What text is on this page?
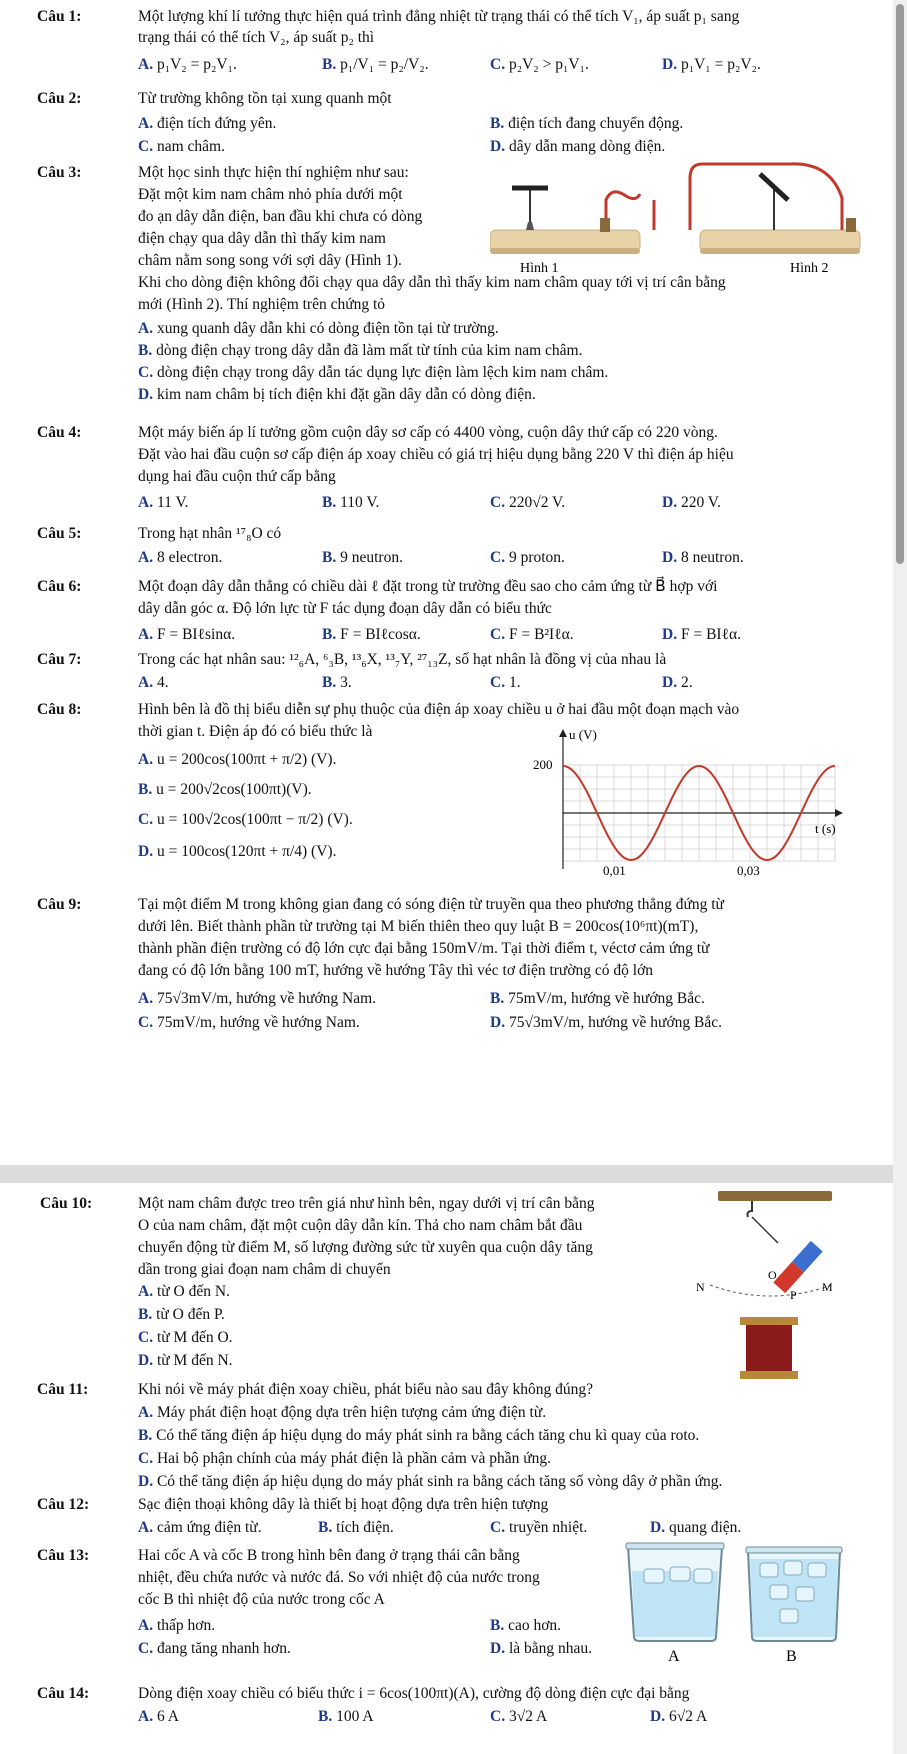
Câu 1:	Một lượng khí lí tưởng thực hiện quá trình đẳng nhiệt từ trạng thái có thể tích V₁, áp suất p₁ sang
trạng thái có thể tích V₂, áp suất p₂ thì
A. p₁V₂ = p₂V₁.	B. p₁/V₁ = p₂/V₂.	C. p₂V₂ > p₁V₁.	D. p₁V₁ = p₂V₂.
Câu 2:	Từ trường không tồn tại xung quanh một
A. điện tích đứng yên.	B. điện tích đang chuyển động.
C. nam châm.	D. dây dẫn mang dòng điện.
Câu 3:	Một học sinh thực hiện thí nghiệm như sau:
Đặt một kim nam châm nhỏ phía dưới một
đo ạn dây dẫn điện, ban đầu khi chưa có dòng
điện chạy qua dây dẫn thì thấy kim nam
châm nằm song song với sợi dây (Hình 1).
Khi cho dòng điện không đổi chạy qua dây dẫn thì thấy kim nam châm quay tới vị trí cân bằng
mới (Hình 2). Thí nghiệm trên chứng tỏ
Hình 1	Hình 2
A. xung quanh dây dẫn khi có dòng điện tồn tại từ trường.
B. dòng điện chạy trong dây dẫn đã làm mất từ tính của kim nam châm.
C. dòng điện chạy trong dây dẫn tác dụng lực điện làm lệch kim nam châm.
D. kim nam châm bị tích điện khi đặt gần dây dẫn có dòng điện.
Câu 4:	Một máy biến áp lí tưởng gồm cuộn dây sơ cấp có 4400 vòng, cuộn dây thứ cấp có 220 vòng.
Đặt vào hai đầu cuộn sơ cấp điện áp xoay chiều có giá trị hiệu dụng bằng 220 V thì điện áp hiệu
dụng hai đầu cuộn thứ cấp bằng
A. 11 V.	B. 110 V.	C. 220√2 V.	D. 220 V.
Câu 5:	Trong hạt nhân ¹⁷₈O có
A. 8 electron.	B. 9 neutron.	C. 9 proton.	D. 8 neutron.
Câu 6:	Một đoạn dây dẫn thẳng có chiều dài ℓ đặt trong từ trường đều sao cho cảm ứng từ B⃗ hợp với
dây dẫn góc α. Độ lớn lực từ F tác dụng đoạn dây dẫn có biểu thức
A. F = BIℓsinα.	B. F = BIℓcosα.	C. F = B²Iℓα.	D. F = BIℓα.
Câu 7:	Trong các hạt nhân sau: ¹²₆A, ⁶₃B, ¹³₆X, ¹³₇Y, ²⁷₁₃Z, số hạt nhân là đồng vị của nhau là
A. 4.	B. 3.	C. 1.	D. 2.
Câu 8:	Hình bên là đồ thị biểu diễn sự phụ thuộc của điện áp xoay chiều u ở hai đầu một đoạn mạch vào
thời gian t. Điện áp đó có biểu thức là
A. u = 200cos(100πt + π/2) (V).
B. u = 200√2cos(100πt)(V).
C. u = 100√2cos(100πt − π/2) (V).
D. u = 100cos(120πt + π/4) (V).
u (V)
t (s)
200
0,01	0,03
Câu 9:	Tại một điểm M trong không gian đang có sóng điện từ truyền qua theo phương thẳng đứng từ
dưới lên. Biết thành phần từ trường tại M biến thiên theo quy luật B = 200cos(10⁶πt)(mT),
thành phần điện trường có độ lớn cực đại bằng 150mV/m. Tại thời điểm t, véctơ cảm ứng từ
đang có độ lớn bằng 100 mT, hướng về hướng Tây thì véc tơ điện trường có độ lớn
A. 75√3mV/m, hướng về hướng Nam.	B. 75mV/m, hướng về hướng Bắc.
C. 75mV/m, hướng về hướng Nam.	D. 75√3mV/m, hướng về hướng Bắc.
Câu 10:	Một nam châm được treo trên giá như hình bên, ngay dưới vị trí cân bằng
O của nam châm, đặt một cuộn dây dẫn kín. Thả cho nam châm bắt đầu
chuyển động từ điểm M, số lượng đường sức từ xuyên qua cuộn dây tăng
dần trong giai đoạn nam châm di chuyển
A. từ O đến N.
B. từ O đến P.
C. từ M đến O.
D. từ M đến N.
N
O
P
M
Câu 11:	Khi nói về máy phát điện xoay chiều, phát biểu nào sau đây không đúng?
A. Máy phát điện hoạt động dựa trên hiện tượng cảm ứng điện từ.
B. Có thể tăng điện áp hiệu dụng do máy phát sinh ra bằng cách tăng chu kì quay của roto.
C. Hai bộ phận chính của máy phát điện là phần cảm và phần ứng.
D. Có thể tăng điện áp hiệu dụng do máy phát sinh ra bằng cách tăng số vòng dây ở phần ứng.
Câu 12:	Sạc điện thoại không dây là thiết bị hoạt động dựa trên hiện tượng
A. cảm ứng điện từ.	B. tích điện.	C. truyền nhiệt.	D. quang điện.
Câu 13:	Hai cốc A và cốc B trong hình bên đang ở trạng thái cân bằng
nhiệt, đều chứa nước và nước đá. So với nhiệt độ của nước trong
cốc B thì nhiệt độ của nước trong cốc A
A. thấp hơn.	B. cao hơn.
C. đang tăng nhanh hơn.	D. là bằng nhau.	A	B
Câu 14:	Dòng điện xoay chiều có biểu thức i = 6cos(100πt)(A), cường độ dòng điện cực đại bằng
A. 6 A	B. 100 A	C. 3√2 A	D. 6√2 A
